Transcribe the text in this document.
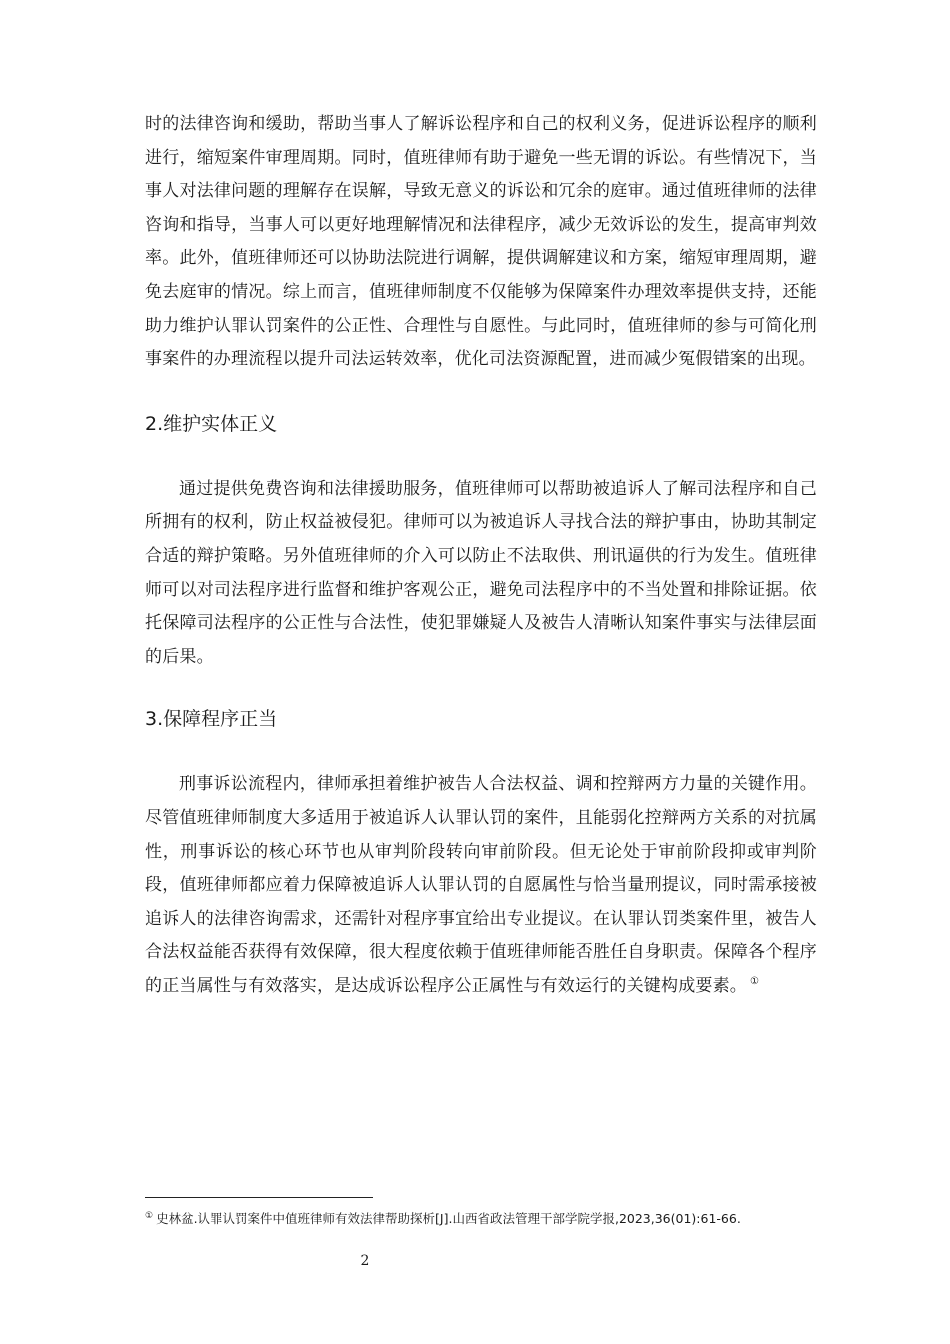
时的法律咨询和缓助，帮助当事人了解诉讼程序和自己的权利义务，促进诉讼程序的顺利进行，缩短案件审理周期。同时，值班律师有助于避免一些无谓的诉讼。有些情况下，当事人对法律问题的理解存在误解，导致无意义的诉讼和冗余的庭审。通过值班律师的法律咨询和指导，当事人可以更好地理解情况和法律程序，减少无效诉讼的发生，提高审判效率。此外，值班律师还可以协助法院进行调解，提供调解建议和方案，缩短审理周期，避免去庭审的情况。综上而言，值班律师制度不仅能够为保障案件办理效率提供支持，还能助力维护认罪认罚案件的公正性、合理性与自愿性。与此同时，值班律师的参与可简化刑事案件的办理流程以提升司法运转效率，优化司法资源配置，进而减少冤假错案的出现。

2.维护实体正义

通过提供免费咨询和法律援助服务，值班律师可以帮助被追诉人了解司法程序和自己所拥有的权利，防止权益被侵犯。律师可以为被追诉人寻找合法的辩护事由，协助其制定合适的辩护策略。另外值班律师的介入可以防止不法取供、刑讯逼供的行为发生。值班律师可以对司法程序进行监督和维护客观公正，避免司法程序中的不当处置和排除证据。依托保障司法程序的公正性与合法性，使犯罪嫌疑人及被告人清晰认知案件事实与法律层面的后果。

3.保障程序正当

刑事诉讼流程内，律师承担着维护被告人合法权益、调和控辩两方力量的关键作用。尽管值班律师制度大多适用于被追诉人认罪认罚的案件，且能弱化控辩两方关系的对抗属性，刑事诉讼的核心环节也从审判阶段转向审前阶段。但无论处于审前阶段抑或审判阶段，值班律师都应着力保障被追诉人认罪认罚的自愿属性与恰当量刑提议，同时需承接被追诉人的法律咨询需求，还需针对程序事宜给出专业提议。在认罪认罚类案件里，被告人合法权益能否获得有效保障，很大程度依赖于值班律师能否胜任自身职责。保障各个程序的正当属性与有效落实，是达成诉讼程序公正属性与有效运行的关键构成要素。 ①

① 史林盆.认罪认罚案件中值班律师有效法律帮助探析[J].山西省政法管理干部学院学报,2023,36(01):61-66.
2
